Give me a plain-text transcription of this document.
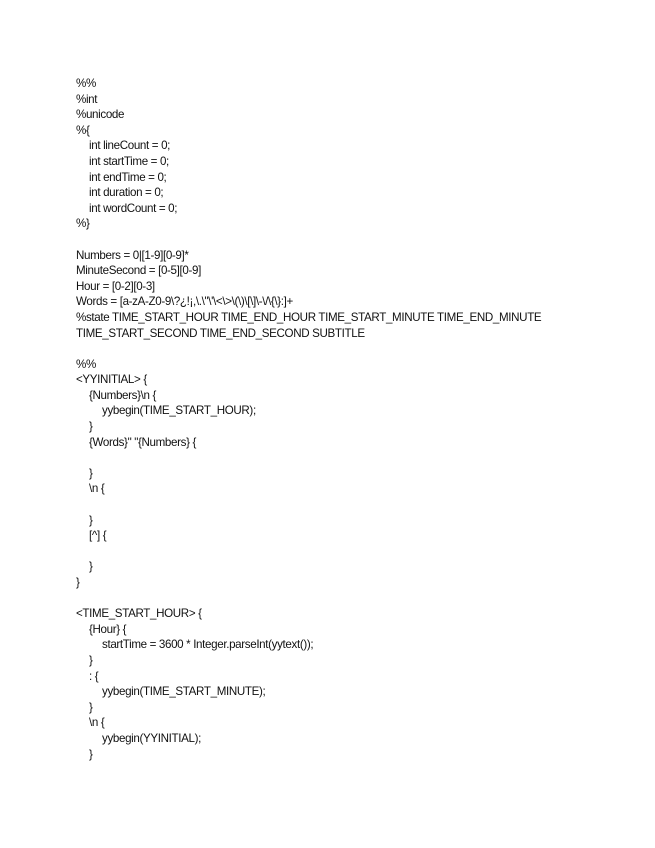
%%
%int
%unicode
%{
int lineCount = 0;
int startTime = 0;
int endTime = 0;
int duration = 0;
int wordCount = 0;
%}
Numbers = 0|[1-9][0-9]*
MinuteSecond = [0-5][0-9]
Hour = [0-2][0-3]
Words = [a-zA-Z0-9\?¿!¡,\.\"\'\<\>\(\)\[\]\-\/\{\}:]+
%state TIME_START_HOUR TIME_END_HOUR TIME_START_MINUTE TIME_END_MINUTE
TIME_START_SECOND TIME_END_SECOND SUBTITLE
%%
<YYINITIAL> {
{Numbers}\n {
yybegin(TIME_START_HOUR);
}
{Words}" "{Numbers} {
}
\n {
}
[^] {
}
}
<TIME_START_HOUR> {
{Hour} {
startTime = 3600 * Integer.parseInt(yytext());
}
: {
yybegin(TIME_START_MINUTE);
}
\n {
yybegin(YYINITIAL);
}
